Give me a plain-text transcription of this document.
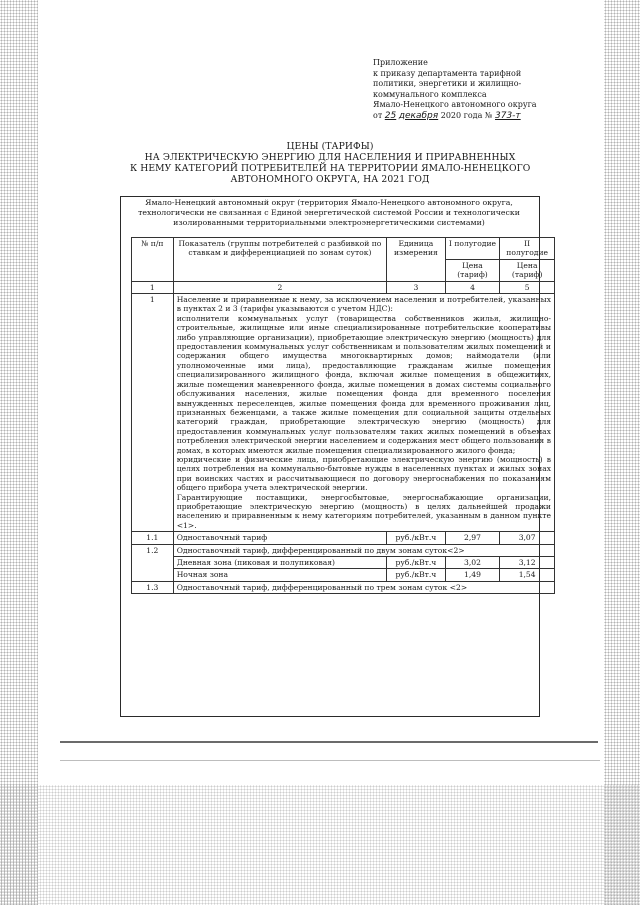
Приложение
к приказу департамента тарифной
политики, энергетики и жилищно-
коммунального комплекса
Ямало-Ненецкого автономного округа
от 25 декабря 2020 года № 373-т
ЦЕНЫ (ТАРИФЫ)
НА ЭЛЕКТРИЧЕСКУЮ ЭНЕРГИЮ ДЛЯ НАСЕЛЕНИЯ И ПРИРАВНЕННЫХ
К НЕМУ КАТЕГОРИЙ ПОТРЕБИТЕЛЕЙ НА ТЕРРИТОРИИ ЯМАЛО-НЕНЕЦКОГО
АВТОНОМНОГО ОКРУГА, НА 2021 ГОД
Ямало-Ненецкий автономный округ (территория Ямало-Ненецкого автономного округа,
технологически не связанная с Единой энергетической системой России и технологически
изолированными территориальными электроэнергетическими системами)
№ п/п	Показатель (группы потребителей с разбивкой по ставкам и дифференциацией по зонам суток)	Единица измерения	I полугодие	II полугодие
			Цена (тариф)	Цена (тариф)
1	2	3	4	5
1	Население и приравненные к нему, за исключением населения и потребителей, указанных в пунктах 2 и 3 (тарифы указываются с учетом НДС):

исполнители коммунальных услуг (товарищества собственников жилья, жилищно-строительные, жилищные или иные специализированные потребительские кооперативы либо управляющие организации), приобретающие электрическую энергию (мощность) для предоставления коммунальных услуг собственникам и пользователям жилых помещений и содержания общего имущества многоквартирных домов; наймодатели (или уполномоченные ими лица), предоставляющие гражданам жилые помещения специализированного жилищного фонда, включая жилые помещения в общежитиях, жилые помещения маневренного фонда, жилые помещения в домах системы социального обслуживания населения, жилые помещения фонда для временного поселения вынужденных переселенцев, жилые помещения фонда для временного проживания лиц, признанных беженцами, а также жилые помещения для социальной защиты отдельных категорий граждан, приобретающие электрическую энергию (мощность) для предоставления коммунальных услуг пользователям таких жилых помещений в объемах потребления электрической энергии населением и содержания мест общего пользования в домах, в которых имеются жилые помещения специализированного жилого фонда;

юридические и физические лица, приобретающие электрическую энергию (мощность) в целях потребления на коммунально-бытовые нужды в населенных пунктах и жилых зонах при воинских частях и рассчитывающиеся по договору энергоснабжения по показаниям общего прибора учета электрической энергии.

Гарантирующие поставщики, энергосбытовые, энергоснабжающие организации, приобретающие электрическую энергию (мощность) в целях дальнейшей продажи населению и приравненным к нему категориям потребителей, указанным в данном пункте <1>.			

1.1	Одноставочный тариф	руб./кВт.ч	2,97	3,07
1.2	Одноставочный тариф, дифференцированный по двум зонам суток<2>			
	Дневная зона (пиковая и полупиковая)	руб./кВт.ч	3,02	3,12
	Ночная зона	руб./кВт.ч	1,49	1,54
1.3	Одноставочный тариф, дифференцированный по трем зонам суток <2>			
